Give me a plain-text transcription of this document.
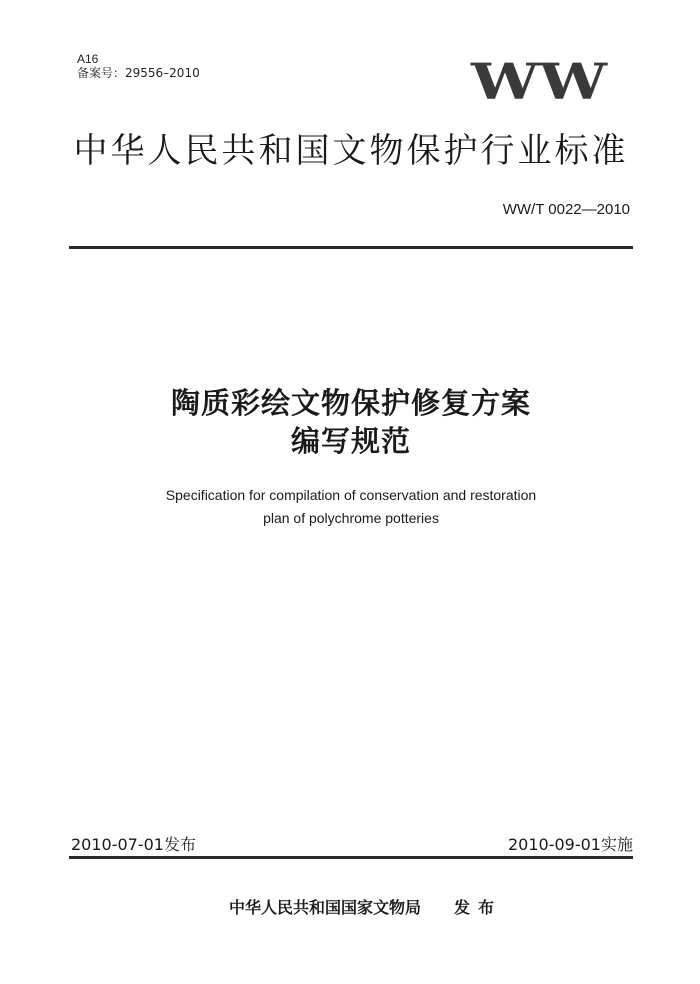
A16
备案号：29556–2010	WW
中华人民共和国文物保护行业标准
WW/T 0022—2010
陶质彩绘文物保护修复方案
编写规范
Specification for compilation of conservation and restoration
plan of polychrome potteries
2010-07-01发布	2010-09-01实施
中华人民共和国国家文物局 发布
